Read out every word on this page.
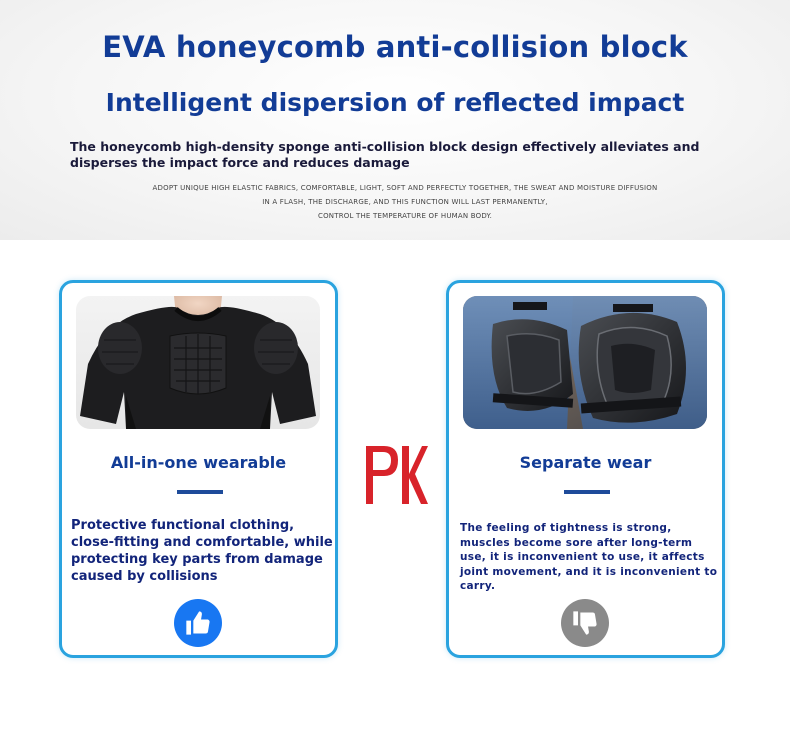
EVA honeycomb anti-collision block
Intelligent dispersion of reflected impact
The honeycomb high-density sponge anti-collision block design effectively alleviates and disperses the impact force and reduces damage
ADOPT UNIQUE HIGH ELASTIC FABRICS, COMFORTABLE, LIGHT, SOFT AND PERFECTLY TOGETHER, THE SWEAT AND MOISTURE DIFFUSION
IN A FLASH, THE DISCHARGE, AND THIS FUNCTION WILL LAST PERMANENTLY,
CONTROL THE TEMPERATURE OF HUMAN BODY.
All-in-one wearable
Protective functional clothing, close-fitting and comfortable, while protecting key parts from damage caused by collisions
PK
Separate wear
The feeling of tightness is strong, muscles become sore after long-term use, it is inconvenient to use, it affects joint movement, and it is inconvenient to carry.
